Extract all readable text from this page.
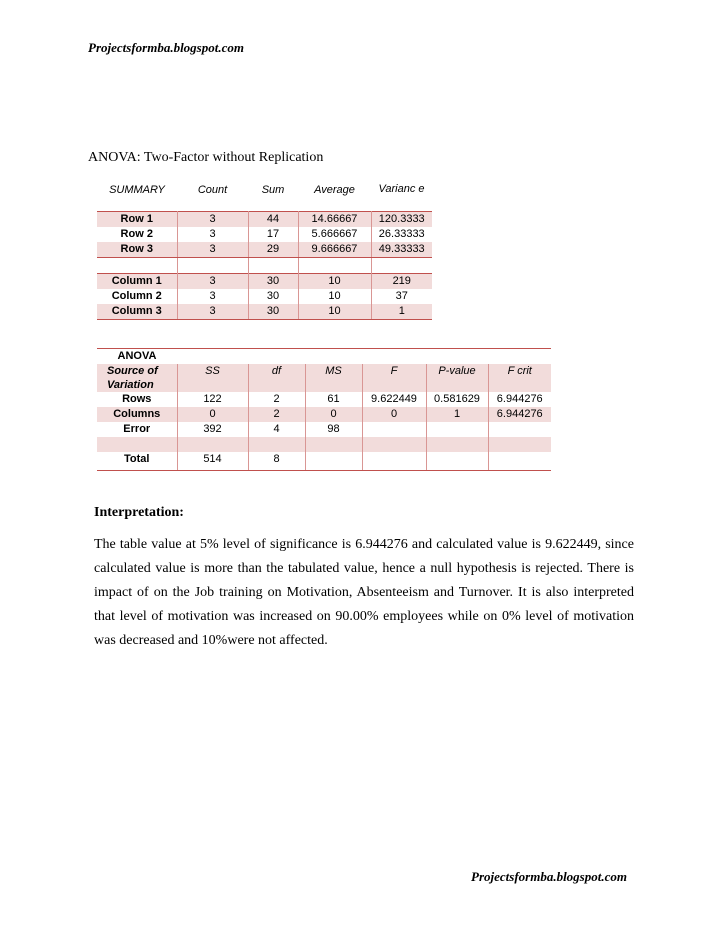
Projectsformba.blogspot.com
ANOVA: Two-Factor without Replication
SUMMARY	Count	Sum	Average	Varianc e
Row 1	3	44	14.66667	120.3333
Row 2	3	17	5.666667	26.33333
Row 3	3	29	9.666667	49.33333

Column 1	3	30	10	219
Column 2	3	30	10	37
Column 3	3	30	10	1
ANOVA						
Source of Variation	SS	df	MS	F	P-value	F crit
Rows	122	2	61	9.622449	0.581629	6.944276
Columns	0	2	0	0	1	6.944276
Error	392	4	98			

Total	514	8				
Interpretation:
The table value at 5% level of significance is 6.944276 and calculated value is 9.622449, since calculated value is more than the tabulated value, hence a null hypothesis is rejected. There is impact of on the Job training on Motivation, Absenteeism and Turnover. It is also interpreted that level of motivation was increased on 90.00% employees while on 0% level of motivation was decreased and 10%were not affected.
Projectsformba.blogspot.com
